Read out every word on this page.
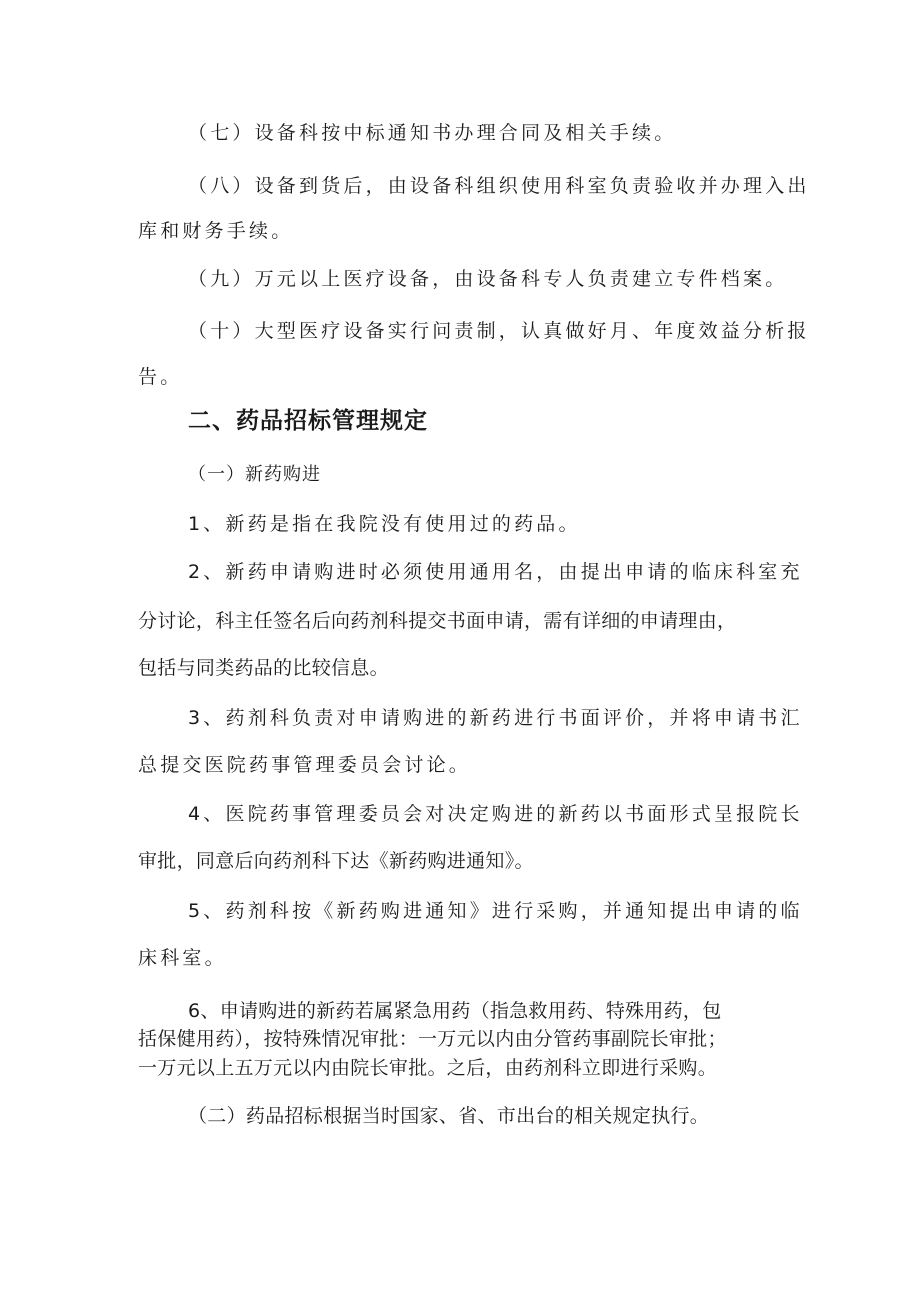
（七）设备科按中标通知书办理合同及相关手续。
（八）设备到货后，由设备科组织使用科室负责验收并办理入出
库和财务手续。
（九）万元以上医疗设备，由设备科专人负责建立专件档案。
（十）大型医疗设备实行问责制，认真做好月、年度效益分析报
告。
二、药品招标管理规定
（一）新药购进
1、新药是指在我院没有使用过的药品。
2、新药申请购进时必须使用通用名，由提出申请的临床科室充
分讨论，科主任签名后向药剂科提交书面申请，需有详细的申请理由，
包括与同类药品的比较信息。
3、药剂科负责对申请购进的新药进行书面评价，并将申请书汇
总提交医院药事管理委员会讨论。
4、医院药事管理委员会对决定购进的新药以书面形式呈报院长
审批，同意后向药剂科下达《新药购进通知》。
5、药剂科按《新药购进通知》进行采购，并通知提出申请的临
床科室。
6、申请购进的新药若属紧急用药（指急救用药、特殊用药，包
括保健用药），按特殊情况审批：一万元以内由分管药事副院长审批；
一万元以上五万元以内由院长审批。之后，由药剂科立即进行采购。
（二）药品招标根据当时国家、省、市出台的相关规定执行。
